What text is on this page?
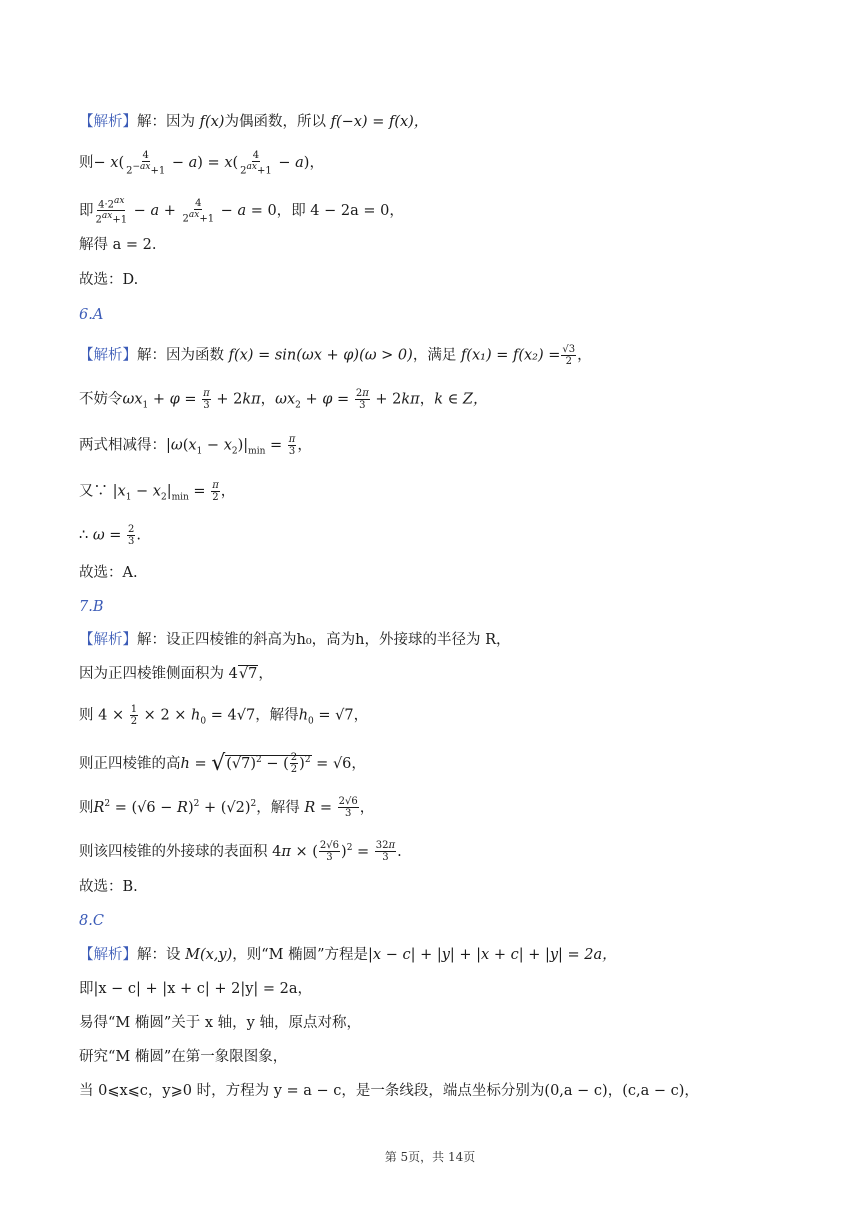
【解析】解：因为 f(x)为偶函数，所以 f(−x) = f(x)，
则− $x( \frac{4}{2^{-ax}+1} - a) = x( \frac{4}{2^{ax}+1} - a)$，
即 $\frac{4\cdot 2^{ax}}{2^{ax}+1} - a + \frac{4}{2^{ax}+1} - a = 0$，即 4 − 2a = 0，
解得 a = 2.
故选：D.
6.A
【解析】解：因为函数 f(x) = sin(ωx + φ)(ω > 0)，满足 $f(x_1) = f(x_2) = \frac{√3}{2}$ ，
不妨令$\omega x_1 + \varphi = \frac{\pi}{3} + 2k\pi$，$\omega x_2 + \varphi = \frac{2\pi}{3} + 2k\pi$，k ∈ Z，
两式相减得：$|\omega(x_1 - x_2)|_{min} = \frac{\pi}{3}$ ，
又∵ $|x_1 - x_2|_{min} = \frac{\pi}{2}$ ，
∴ $\omega = \frac{2}{3}$ .
故选：A.
7.B
【解析】解：设正四棱锥的斜高为h₀，高为h，外接球的半径为 R，
因为正四棱锥侧面积为 4√7，
则 $4 \times \frac{1}{2} \times 2 \times h_0 = 4√7$，解得$h_0 = √7$，
则正四棱锥的高$h = √(√7)^2$ − ( $\frac{2}{2} )^2 = √6$，
则$R^2 = (√6 - R)^2 + (√2)^2$，解得 $R = \frac{2√6}{3}$ ，
则该四棱锥的外接球的表面积 4π × ( $\frac{2√6}{3} )^2 = \frac{32\pi}{3}$ .
故选：B.
8.C
【解析】解：设 M(x,y)，则“M 椭圆”方程是|x − c| + |y| + |x + c| + |y| = 2a，
即|x − c| + |x + c| + 2|y| = 2a，
易得“M 椭圆”关于 x 轴，y 轴，原点对称，
研究“M 椭圆”在第一象限图象，
当 0⩽x⩽c，y⩾0 时，方程为 y = a − c，是一条线段，端点坐标分别为(0,a − c)，(c,a − c)，
第 5页，共 14页
